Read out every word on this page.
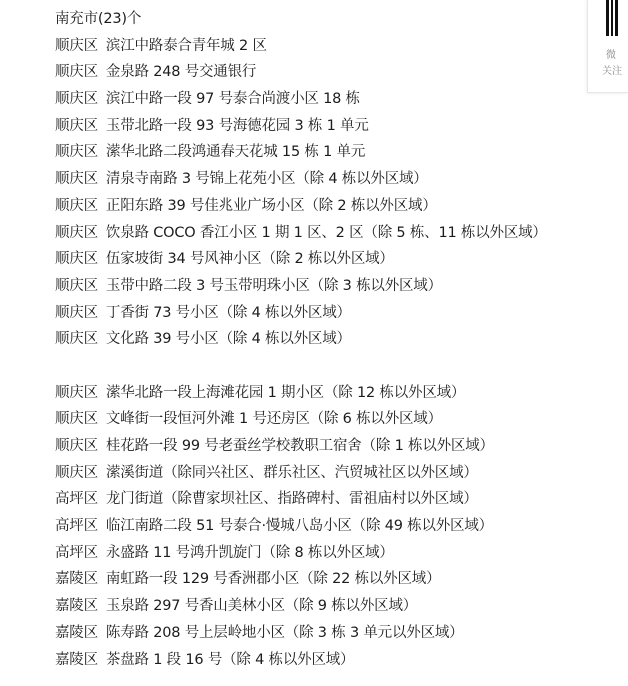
南充市(23)个
顺庆区 滨江中路泰合青年城 2 区
顺庆区 金泉路 248 号交通银行
顺庆区 滨江中路一段 97 号泰合尚渡小区 18 栋
顺庆区 玉带北路一段 93 号海德花园 3 栋 1 单元
顺庆区 潆华北路二段鸿通春天花城 15 栋 1 单元
顺庆区 清泉寺南路 3 号锦上花苑小区（除 4 栋以外区域）
顺庆区 正阳东路 39 号佳兆业广场小区（除 2 栋以外区域）
顺庆区 饮泉路 COCO 香江小区 1 期 1 区、2 区（除 5 栋、11 栋以外区域）
顺庆区 伍家坡街 34 号风神小区（除 2 栋以外区域）
顺庆区 玉带中路二段 3 号玉带明珠小区（除 3 栋以外区域）
顺庆区 丁香街 73 号小区（除 4 栋以外区域）
顺庆区 文化路 39 号小区（除 4 栋以外区域）
顺庆区 潆华北路一段上海滩花园 1 期小区（除 12 栋以外区域）
顺庆区 文峰街一段恒河外滩 1 号还房区（除 6 栋以外区域）
顺庆区 桂花路一段 99 号老蚕丝学校教职工宿舍（除 1 栋以外区域）
顺庆区 潆溪街道（除同兴社区、群乐社区、汽贸城社区以外区域）
高坪区 龙门街道（除曹家坝社区、指路碑村、雷祖庙村以外区域）
高坪区 临江南路二段 51 号泰合·慢城八岛小区（除 49 栋以外区域）
高坪区 永盛路 11 号鸿升凯旋门（除 8 栋以外区域）
嘉陵区 南虹路一段 129 号香洲郡小区（除 22 栋以外区域）
嘉陵区 玉泉路 297 号香山美林小区（除 9 栋以外区域）
嘉陵区 陈寿路 208 号上层岭地小区（除 3 栋 3 单元以外区域）
嘉陵区 茶盘路 1 段 16 号（除 4 栋以外区域）
微
关注
